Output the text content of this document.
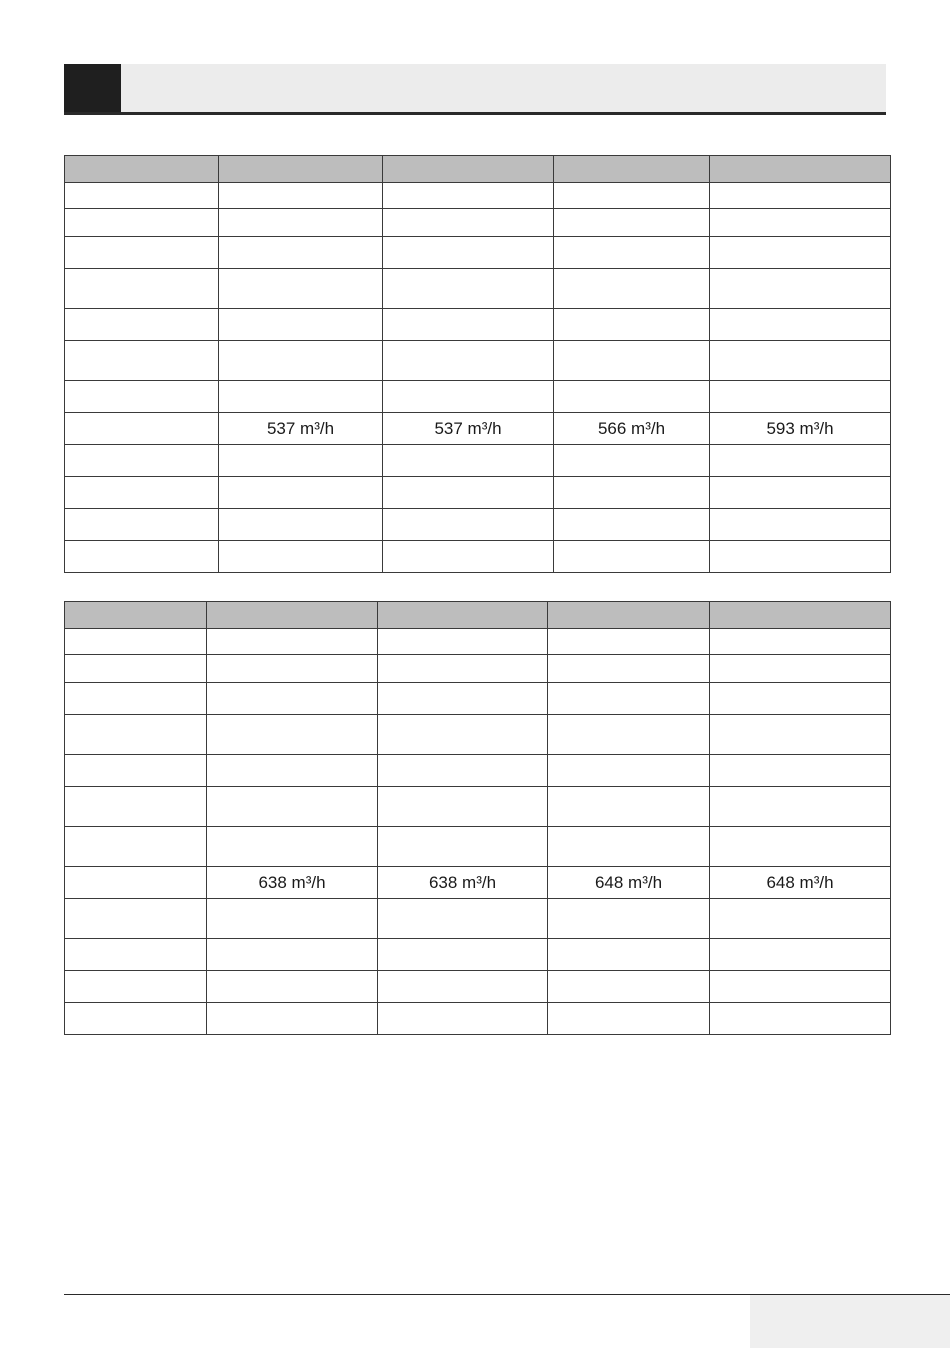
	537 m³/h	537 m³/h	566 m³/h	593 m³/h

	638 m³/h	638 m³/h	648 m³/h	648 m³/h
